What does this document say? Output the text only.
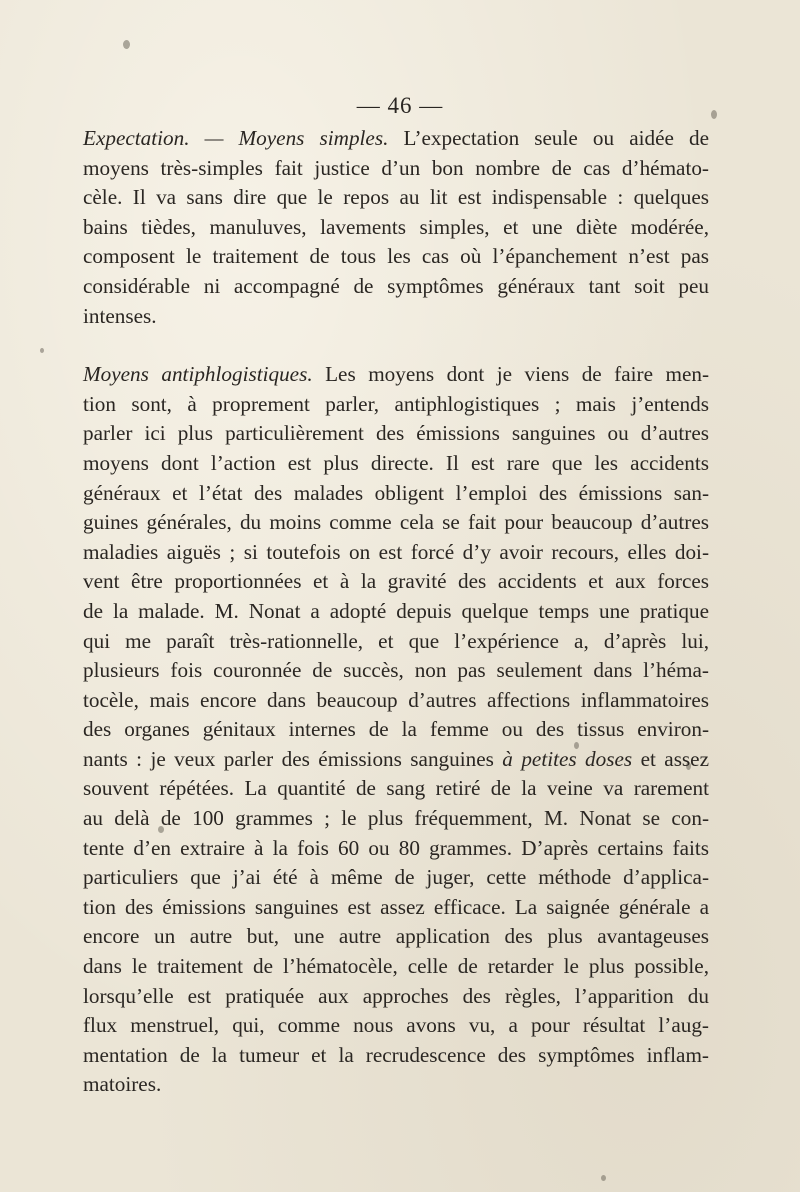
— 46 —

Expectation. — Moyens simples. L’expectation seule ou aidée de
moyens très-simples fait justice d’un bon nombre de cas d’hémato-
cèle. Il va sans dire que le repos au lit est indispensable : quelques
bains tièdes, manuluves, lavements simples, et une diète modérée,
composent le traitement de tous les cas où l’épanchement n’est pas
considérable ni accompagné de symptômes généraux tant soit peu
intenses.

Moyens antiphlogistiques. Les moyens dont je viens de faire men-
tion sont, à proprement parler, antiphlogistiques ; mais j’entends
parler ici plus particulièrement des émissions sanguines ou d’autres
moyens dont l’action est plus directe. Il est rare que les accidents
généraux et l’état des malades obligent l’emploi des émissions san-
guines générales, du moins comme cela se fait pour beaucoup d’autres
maladies aiguës ; si toutefois on est forcé d’y avoir recours, elles doi-
vent être proportionnées et à la gravité des accidents et aux forces
de la malade. M. Nonat a adopté depuis quelque temps une pratique
qui me paraît très-rationnelle, et que l’expérience a, d’après lui,
plusieurs fois couronnée de succès, non pas seulement dans l’héma-
tocèle, mais encore dans beaucoup d’autres affections inflammatoires
des organes génitaux internes de la femme ou des tissus environ-
nants : je veux parler des émissions sanguines à petites doses et assez
souvent répétées. La quantité de sang retiré de la veine va rarement
au delà de 100 grammes ; le plus fréquemment, M. Nonat se con-
tente d’en extraire à la fois 60 ou 80 grammes. D’après certains faits
particuliers que j’ai été à même de juger, cette méthode d’applica-
tion des émissions sanguines est assez efficace. La saignée générale a
encore un autre but, une autre application des plus avantageuses
dans le traitement de l’hématocèle, celle de retarder le plus possible,
lorsqu’elle est pratiquée aux approches des règles, l’apparition du
flux menstruel, qui, comme nous avons vu, a pour résultat l’aug-
mentation de la tumeur et la recrudescence des symptômes inflam-
matoires.
